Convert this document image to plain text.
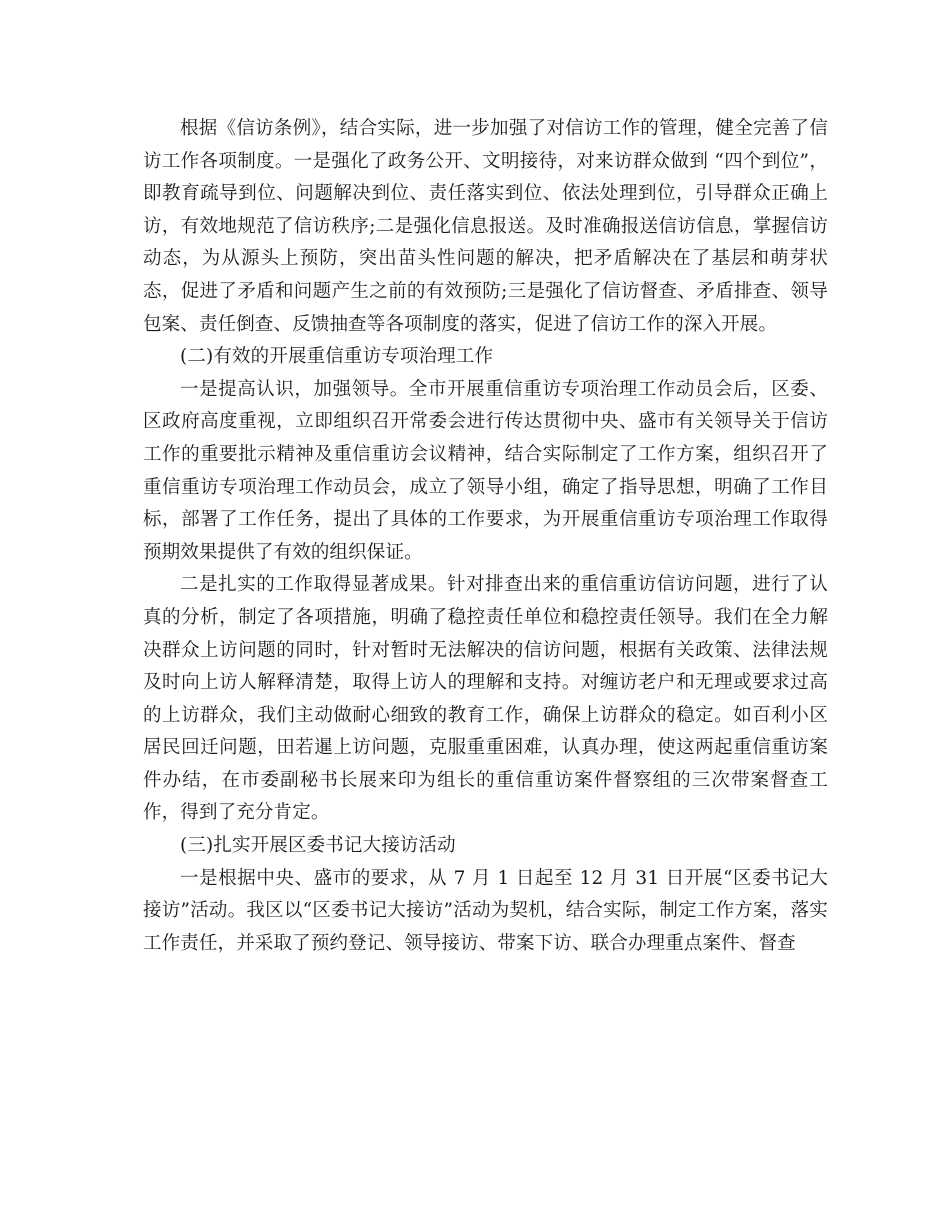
根据《信访条例》，结合实际，进一步加强了对信访工作的管理，健全完善了信访工作各项制度。一是强化了政务公开、文明接待，对来访群众做到 “四个到位”，即教育疏导到位、问题解决到位、责任落实到位、依法处理到位，引导群众正确上访，有效地规范了信访秩序;二是强化信息报送。及时准确报送信访信息，掌握信访动态，为从源头上预防，突出苗头性问题的解决，把矛盾解决在了基层和萌芽状态，促进了矛盾和问题产生之前的有效预防;三是强化了信访督查、矛盾排查、领导包案、责任倒查、反馈抽查等各项制度的落实，促进了信访工作的深入开展。

(二)有效的开展重信重访专项治理工作

一是提高认识，加强领导。全市开展重信重访专项治理工作动员会后，区委、区政府高度重视，立即组织召开常委会进行传达贯彻中央、盛市有关领导关于信访工作的重要批示精神及重信重访会议精神，结合实际制定了工作方案，组织召开了重信重访专项治理工作动员会，成立了领导小组，确定了指导思想，明确了工作目标，部署了工作任务，提出了具体的工作要求，为开展重信重访专项治理工作取得预期效果提供了有效的组织保证。

二是扎实的工作取得显著成果。针对排查出来的重信重访信访问题，进行了认真的分析，制定了各项措施，明确了稳控责任单位和稳控责任领导。我们在全力解决群众上访问题的同时，针对暂时无法解决的信访问题，根据有关政策、法律法规及时向上访人解释清楚，取得上访人的理解和支持。对缠访老户和无理或要求过高的上访群众，我们主动做耐心细致的教育工作，确保上访群众的稳定。如百利小区居民回迁问题，田若暹上访问题，克服重重困难，认真办理，使这两起重信重访案件办结，在市委副秘书长展来印为组长的重信重访案件督察组的三次带案督查工作，得到了充分肯定。

(三)扎实开展区委书记大接访活动

一是根据中央、盛市的要求，从 7 月 1 日起至 12 月 31 日开展“区委书记大接访”活动。我区以“区委书记大接访”活动为契机，结合实际，制定工作方案，落实工作责任，并采取了预约登记、领导接访、带案下访、联合办理重点案件、督查
